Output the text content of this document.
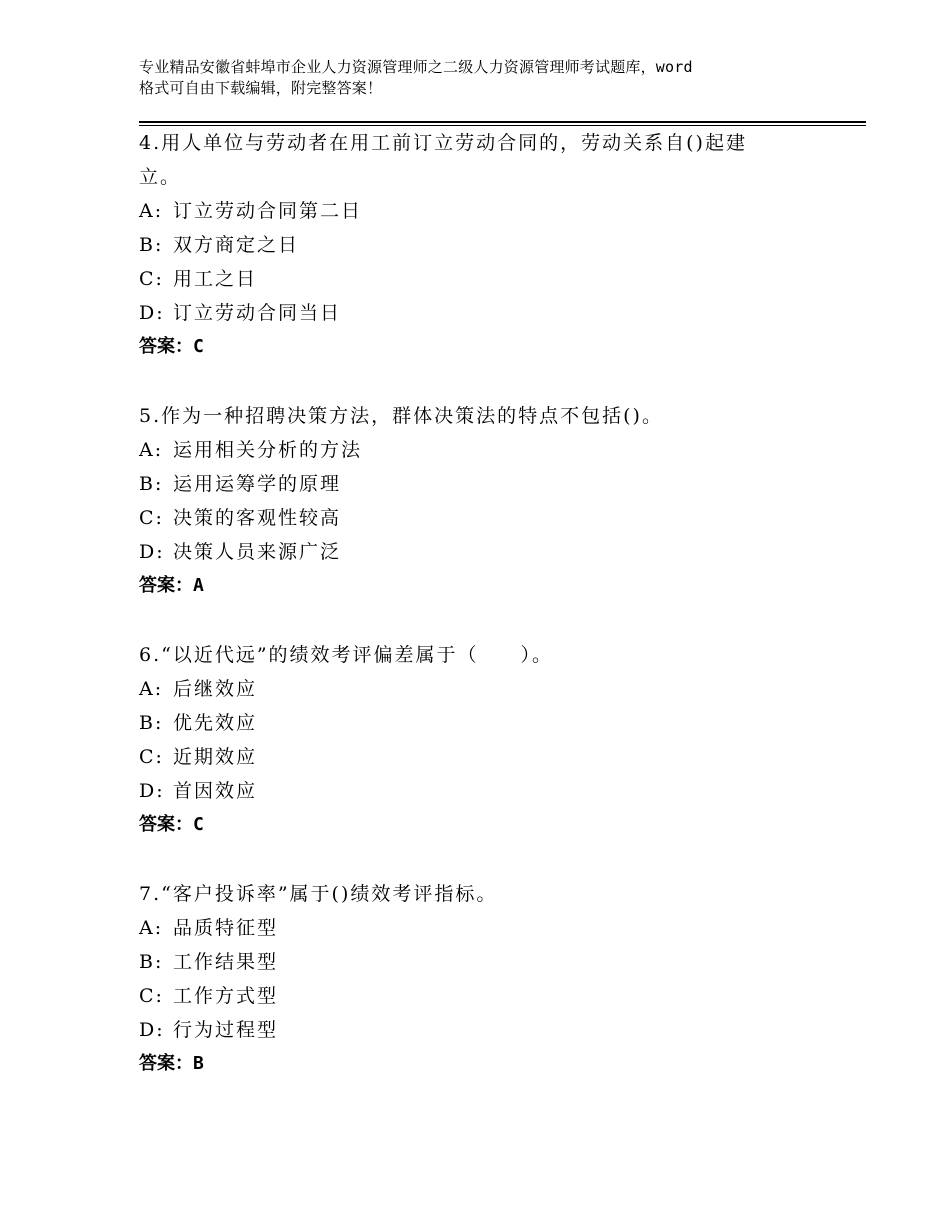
专业精品安徽省蚌埠市企业人力资源管理师之二级人力资源管理师考试题库，word
格式可自由下载编辑，附完整答案！
4.用人单位与劳动者在用工前订立劳动合同的，劳动关系自()起建
立。
A: 订立劳动合同第二日
B: 双方商定之日
C: 用工之日
D: 订立劳动合同当日
答案：C
5.作为一种招聘决策方法，群体决策法的特点不包括()。
A: 运用相关分析的方法
B: 运用运筹学的原理
C: 决策的客观性较高
D: 决策人员来源广泛
答案：A
6.“以近代远”的绩效考评偏差属于（　　）。
A: 后继效应
B: 优先效应
C: 近期效应
D: 首因效应
答案：C
7.“客户投诉率”属于()绩效考评指标。
A: 品质特征型
B: 工作结果型
C: 工作方式型
D: 行为过程型
答案：B
